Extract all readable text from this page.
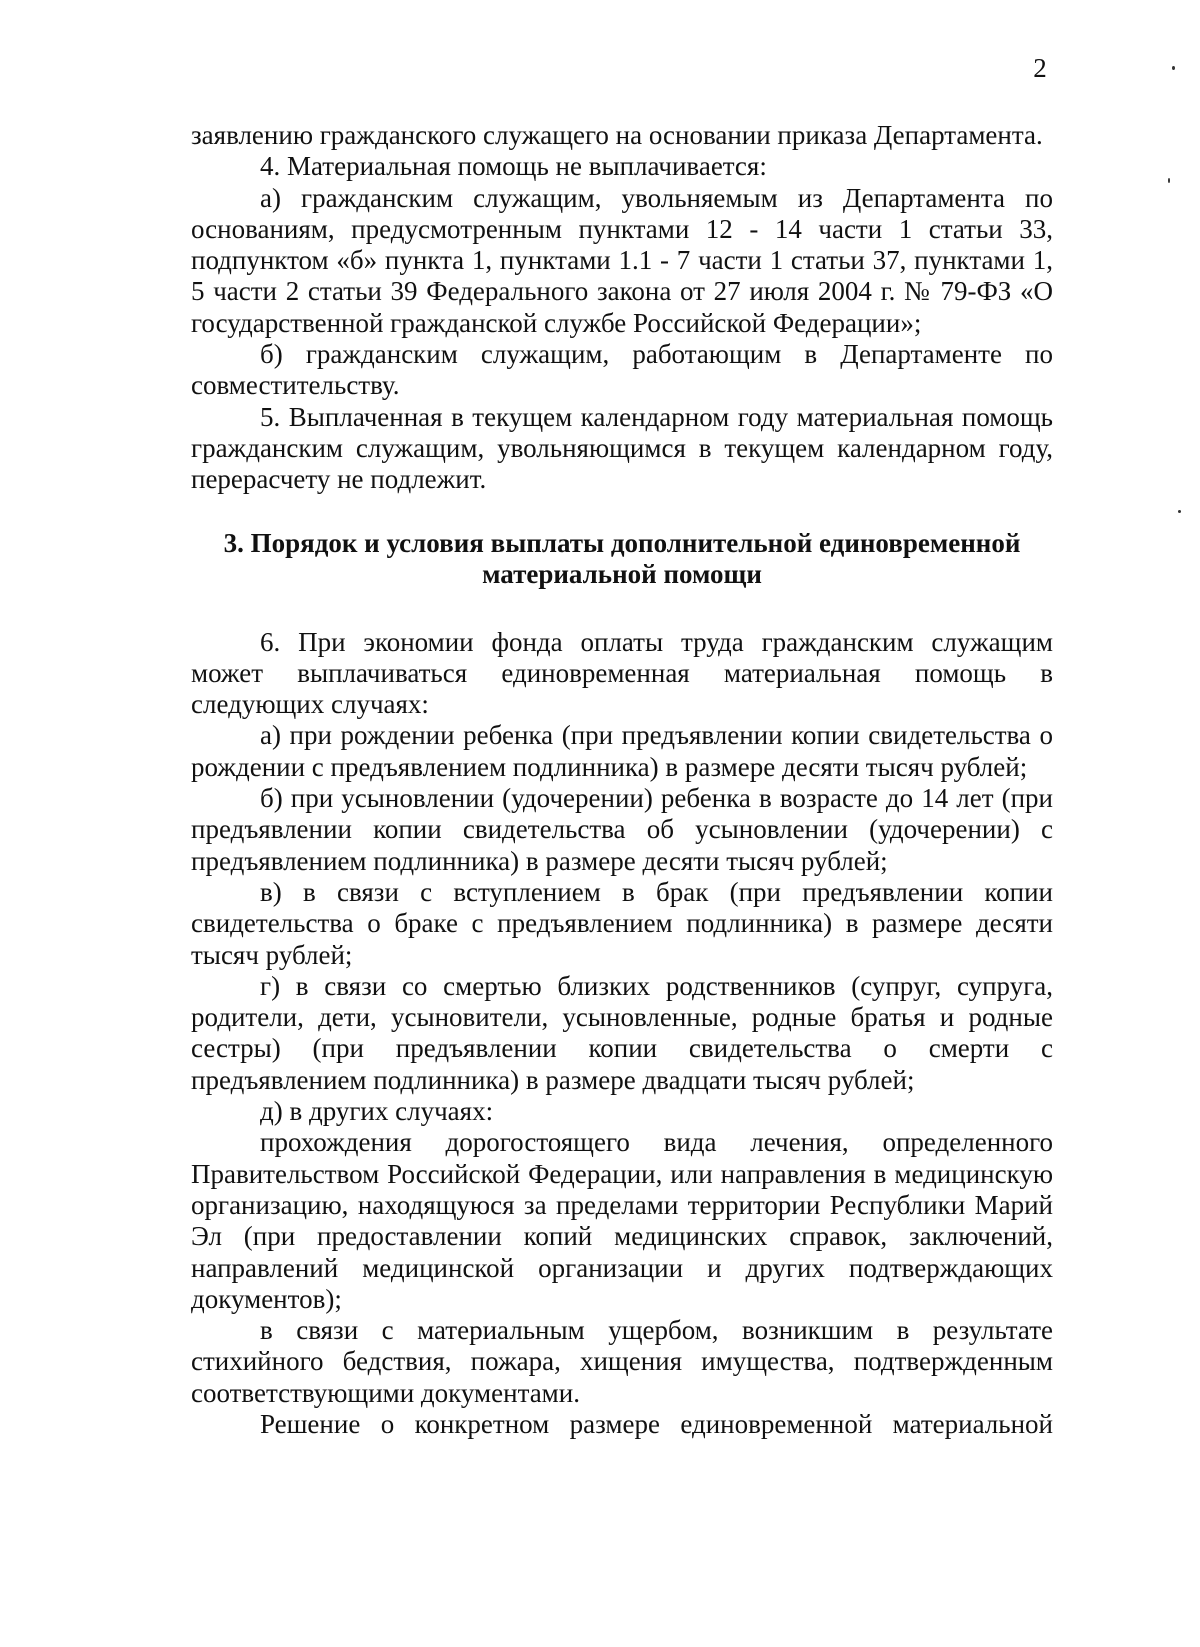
2

заявлению гражданского служащего на основании приказа Департамента.

4. Материальная помощь не выплачивается:

а) гражданским служащим, увольняемым из Департамента по основаниям, предусмотренным пунктами 12 - 14 части 1 статьи 33, подпунктом «б» пункта 1, пунктами 1.1 - 7 части 1 статьи 37, пунктами 1, 5 части 2 статьи 39 Федерального закона от 27 июля 2004 г. № 79-ФЗ «О государственной гражданской службе Российской Федерации»;

б) гражданским служащим, работающим в Департаменте по совместительству.

5. Выплаченная в текущем календарном году материальная помощь гражданским служащим, увольняющимся в текущем календарном году, перерасчету не подлежит.

3. Порядок и условия выплаты дополнительной единовременной
материальной помощи

6. При экономии фонда оплаты труда гражданским служащим может выплачиваться единовременная материальная помощь в следующих случаях:

а) при рождении ребенка (при предъявлении копии свидетельства о рождении с предъявлением подлинника) в размере десяти тысяч рублей;

б) при усыновлении (удочерении) ребенка в возрасте до 14 лет (при предъявлении копии свидетельства об усыновлении (удочерении) с предъявлением подлинника) в размере десяти тысяч рублей;

в) в связи с вступлением в брак (при предъявлении копии свидетельства о браке с предъявлением подлинника) в размере десяти тысяч рублей;

г) в связи со смертью близких родственников (супруг, супруга, родители, дети, усыновители, усыновленные, родные братья и родные сестры) (при предъявлении копии свидетельства о смерти с предъявлением подлинника) в размере двадцати тысяч рублей;

д) в других случаях:

прохождения дорогостоящего вида лечения, определенного Правительством Российской Федерации, или направления в медицинскую организацию, находящуюся за пределами территории Республики Марий Эл (при предоставлении копий медицинских справок, заключений, направлений медицинской организации и других подтверждающих документов);

в связи с материальным ущербом, возникшим в результате стихийного бедствия, пожара, хищения имущества, подтвержденным соответствующими документами.

Решение о конкретном размере единовременной материальной
